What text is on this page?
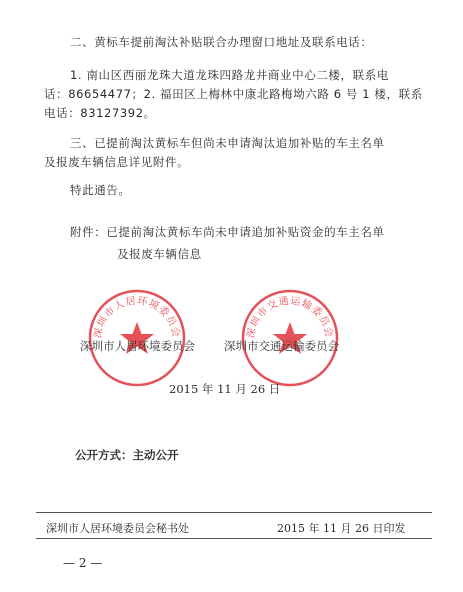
二、黄标车提前淘汰补贴联合办理窗口地址及联系电话：
1. 南山区西丽龙珠大道龙珠四路龙井商业中心二楼，联系电
话：86654477；2. 福田区上梅林中康北路梅坳六路 6 号 1 楼，联系
电话：83127392。
三、已提前淘汰黄标车但尚未申请淘汰追加补贴的车主名单
及报废车辆信息详见附件。
特此通告。
附件：已提前淘汰黄标车尚未申请追加补贴资金的车主名单
及报废车辆信息
深圳市人居环境委员会	深圳市交通运输委员会
深圳市人居环境委员会	深圳市交通运输委员会
2015 年 11 月 26 日
公开方式：主动公开
深圳市人居环境委员会秘书处	2015 年 11 月 26 日印发
— 2 —
